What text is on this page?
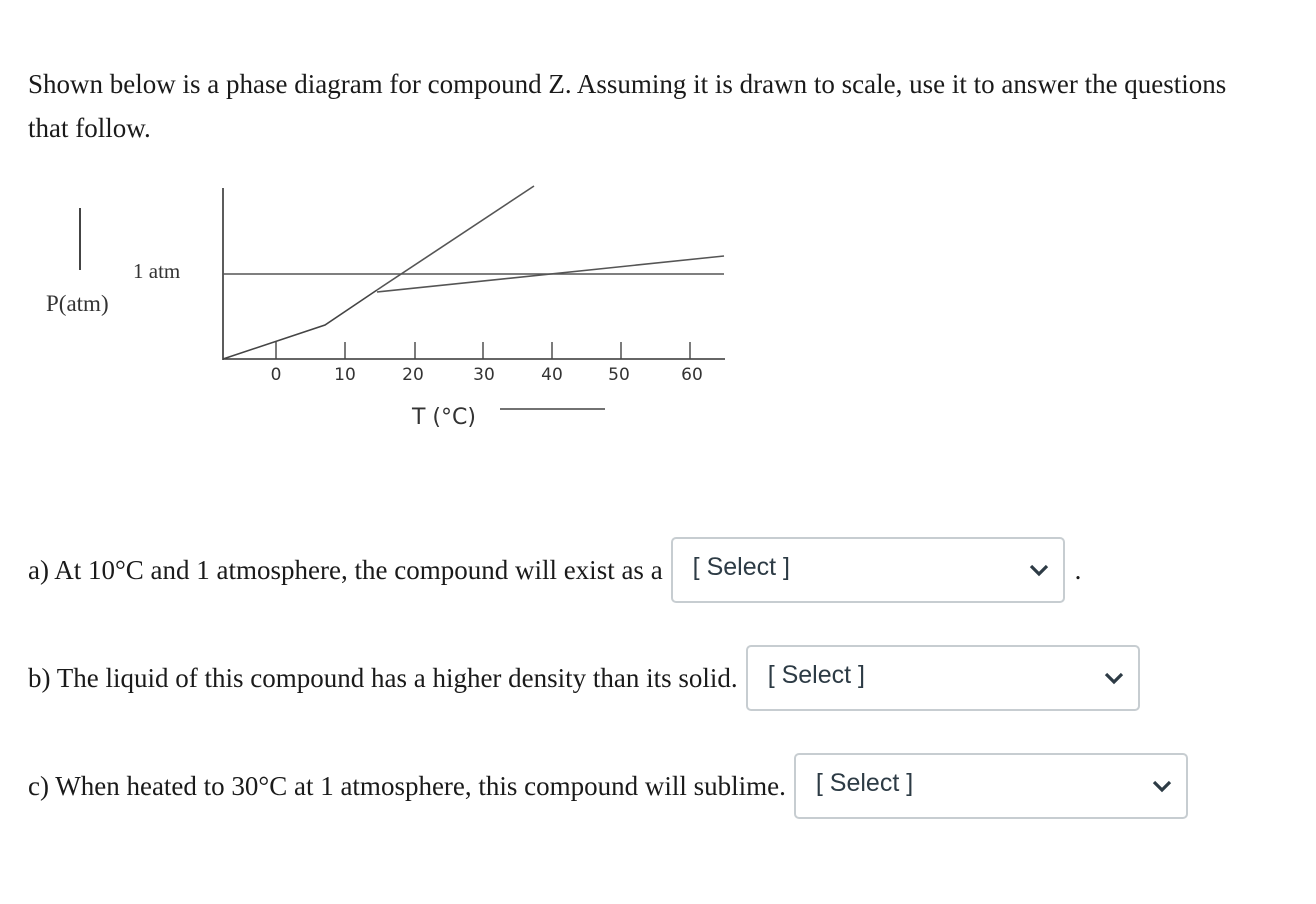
Shown below is a phase diagram for compound Z. Assuming it is drawn to scale, use it to answer the questions that follow.

P(atm)
1 atm
0	10	20	30	40	50	60
T (°C)
a) At 10°C and 1 atmosphere, the compound will exist as a [ Select ]	.
b) The liquid of this compound has a higher density than its solid. [ Select ]
c) When heated to 30°C at 1 atmosphere, this compound will sublime. [ Select ]
